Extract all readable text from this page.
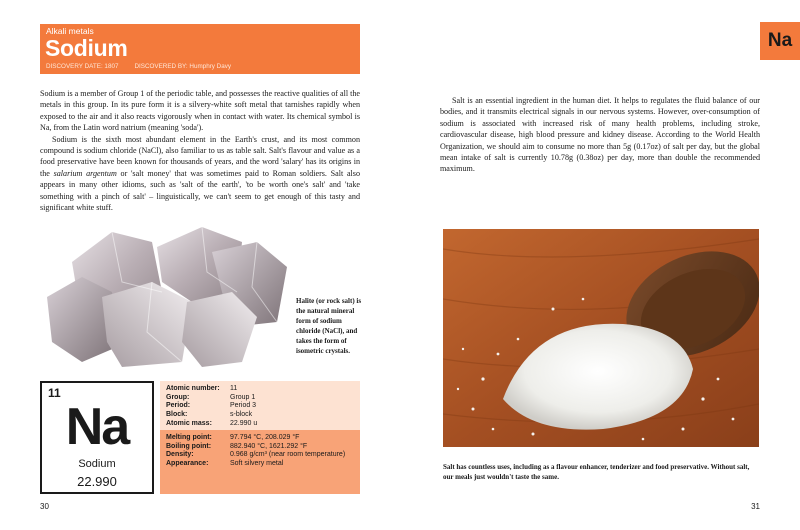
Alkali metals
Sodium
DISCOVERY DATE: 1807	DISCOVERED BY: Humphry Davy

Sodium is a member of Group 1 of the periodic table, and possesses the reactive qualities of all the metals in this group. In its pure form it is a silvery-white soft metal that tarnishes rapidly when exposed to the air and it also reacts vigorously when in contact with water. Its chemical symbol is Na, from the Latin word natrium (meaning 'soda').

Sodium is the sixth most abundant element in the Earth's crust, and its most common compound is sodium chloride (NaCl), also familiar to us as table salt. Salt's flavour and value as a food preservative have been known for thousands of years, and the word 'salary' has its origins in the salarium argentum or 'salt money' that was sometimes paid to Roman soldiers. Salt also appears in many other idioms, such as 'salt of the earth', 'to be worth one's salt' and 'take something with a pinch of salt' – linguistically, we can't seem to get enough of this tasty and significant white stuff.

Halite (or rock salt) is the natural mineral form of sodium chloride (NaCl), and takes the form of isometric crystals.
11
Na
Sodium
22.990
Atomic number:	11
Group:	Group 1
Period:	Period 3
Block:	s-block
Atomic mass:	22.990 u
Melting point:	97.794 °C, 208.029 °F
Boiling point:	882.940 °C, 1621.292 °F
Density:	0.968 g/cm³ (near room temperature)
Appearance:	Soft silvery metal
30
Na

Salt is an essential ingredient in the human diet. It helps to regulates the fluid balance of our bodies, and it transmits electrical signals in our nervous systems. However, over-consumption of sodium is associated with increased risk of many health problems, including stroke, cardiovascular disease, high blood pressure and kidney disease. According to the World Health Organization, we should aim to consume no more than 5g (0.17oz) of salt per day, but the global mean intake of salt is currently 10.78g (0.38oz) per day, more than double the recommended maximum.

Salt has countless uses, including as a flavour enhancer, tenderizer and food preservative. Without salt, our meals just wouldn't taste the same.
31
